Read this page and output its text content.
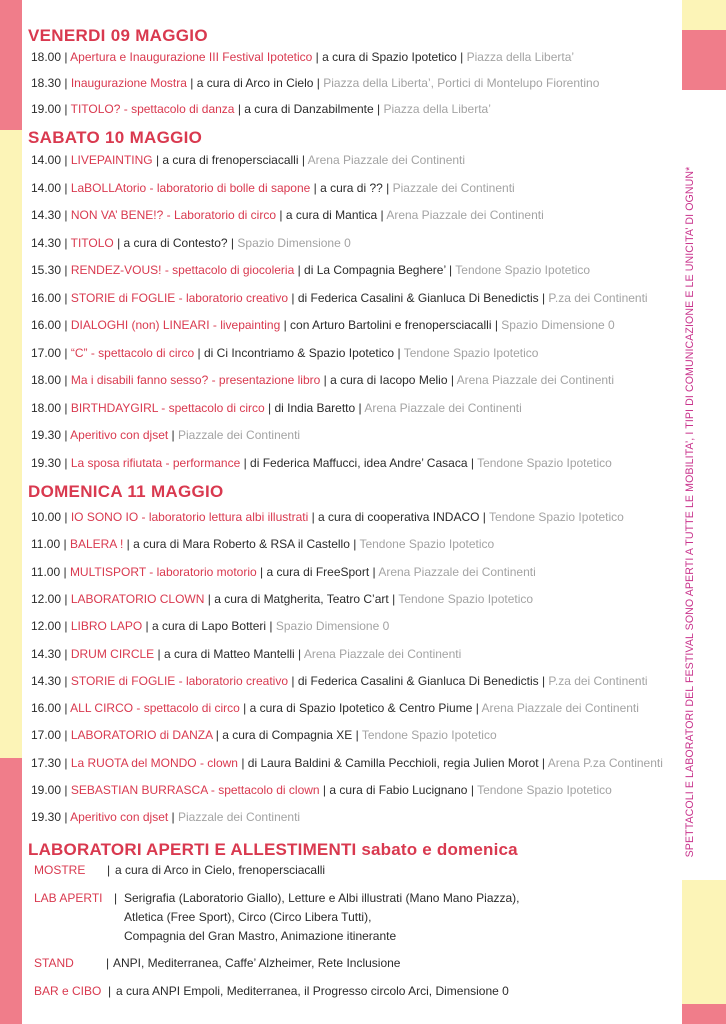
VENERDI 09 MAGGIO
18.00 | Apertura e Inaugurazione III Festival Ipotetico | a cura di Spazio Ipotetico | Piazza della Liberta’
18.30 | Inaugurazione Mostra | a cura di Arco in Cielo | Piazza della Liberta’, Portici di Montelupo Fiorentino
19.00 | TITOLO? - spettacolo di danza | a cura di Danzabilmente | Piazza della Liberta’
SABATO 10 MAGGIO
14.00 | LIVEPAINTING | a cura di frenopersciacalli | Arena Piazzale dei Continenti
14.00 | LaBOLLAtorio - laboratorio di bolle di sapone | a cura di ?? | Piazzale dei Continenti
14.30 | NON VA’ BENE!? - Laboratorio di circo | a cura di Mantica | Arena Piazzale dei Continenti
14.30 | TITOLO | a cura di Contesto? | Spazio Dimensione 0
15.30 | RENDEZ-VOUS! - spettacolo di giocoleria | di La Compagnia Beghere’ | Tendone Spazio Ipotetico
16.00 | STORIE di FOGLIE - laboratorio creativo | di Federica Casalini & Gianluca Di Benedictis | P.za dei Continenti
16.00 | DIALOGHI (non) LINEARI - livepainting | con Arturo Bartolini e frenopersciacalli | Spazio Dimensione 0
17.00 | “C” - spettacolo di circo | di Ci Incontriamo & Spazio Ipotetico | Tendone Spazio Ipotetico
18.00 | Ma i disabili fanno sesso? - presentazione libro | a cura di Iacopo Melio | Arena Piazzale dei Continenti
18.00 | BIRTHDAYGIRL - spettacolo di circo | di India Baretto | Arena Piazzale dei Continenti
19.30 | Aperitivo con djset | Piazzale dei Continenti
19.30 | La sposa rifiutata - performance | di Federica Maffucci, idea Andre’ Casaca | Tendone Spazio Ipotetico
DOMENICA 11 MAGGIO
10.00 | IO SONO IO - laboratorio lettura albi illustrati | a cura di cooperativa INDACO | Tendone Spazio Ipotetico
11.00 | BALERA ! | a cura di Mara Roberto & RSA il Castello | Tendone Spazio Ipotetico
11.00 | MULTISPORT - laboratorio motorio | a cura di FreeSport | Arena Piazzale dei Continenti
12.00 | LABORATORIO CLOWN | a cura di Matgherita, Teatro C’art | Tendone Spazio Ipotetico
12.00 | LIBRO LAPO | a cura di Lapo Botteri | Spazio Dimensione 0
14.30 | DRUM CIRCLE | a cura di Matteo Mantelli | Arena Piazzale dei Continenti
14.30 | STORIE di FOGLIE - laboratorio creativo | di Federica Casalini & Gianluca Di Benedictis | P.za dei Continenti
16.00 | ALL CIRCO - spettacolo di circo | a cura di Spazio Ipotetico & Centro Piume | Arena Piazzale dei Continenti
17.00 | LABORATORIO di DANZA | a cura di Compagnia XE | Tendone Spazio Ipotetico
17.30 | La RUOTA del MONDO - clown | di Laura Baldini & Camilla Pecchioli, regia Julien Morot | Arena P.za Continenti
19.00 | SEBASTIAN BURRASCA - spettacolo di clown | a cura di Fabio Lucignano | Tendone Spazio Ipotetico
19.30 | Aperitivo con djset | Piazzale dei Continenti
LABORATORI APERTI E ALLESTIMENTI sabato e domenica
MOSTRE | a cura di Arco in Cielo, frenopersciacalli
LAB APERTI | Serigrafia (Laboratorio Giallo), Letture e Albi illustrati (Mano Mano Piazza),
Atletica (Free Sport), Circo (Circo Libera Tutti),
Compagnia del Gran Mastro, Animazione itinerante
STAND	| ANPI, Mediterranea, Caffe’ Alzheimer, Rete Inclusione
BAR e CIBO | a cura ANPI Empoli, Mediterranea, il Progresso circolo Arci, Dimensione 0
SPETTACOLI E LABORATORI DEL FESTIVAL SONO APERTI A TUTTE LE MOBILITA’, I TIPI DI COMUNICAZIONE E LE UNICITA’ DI OGNUN*
